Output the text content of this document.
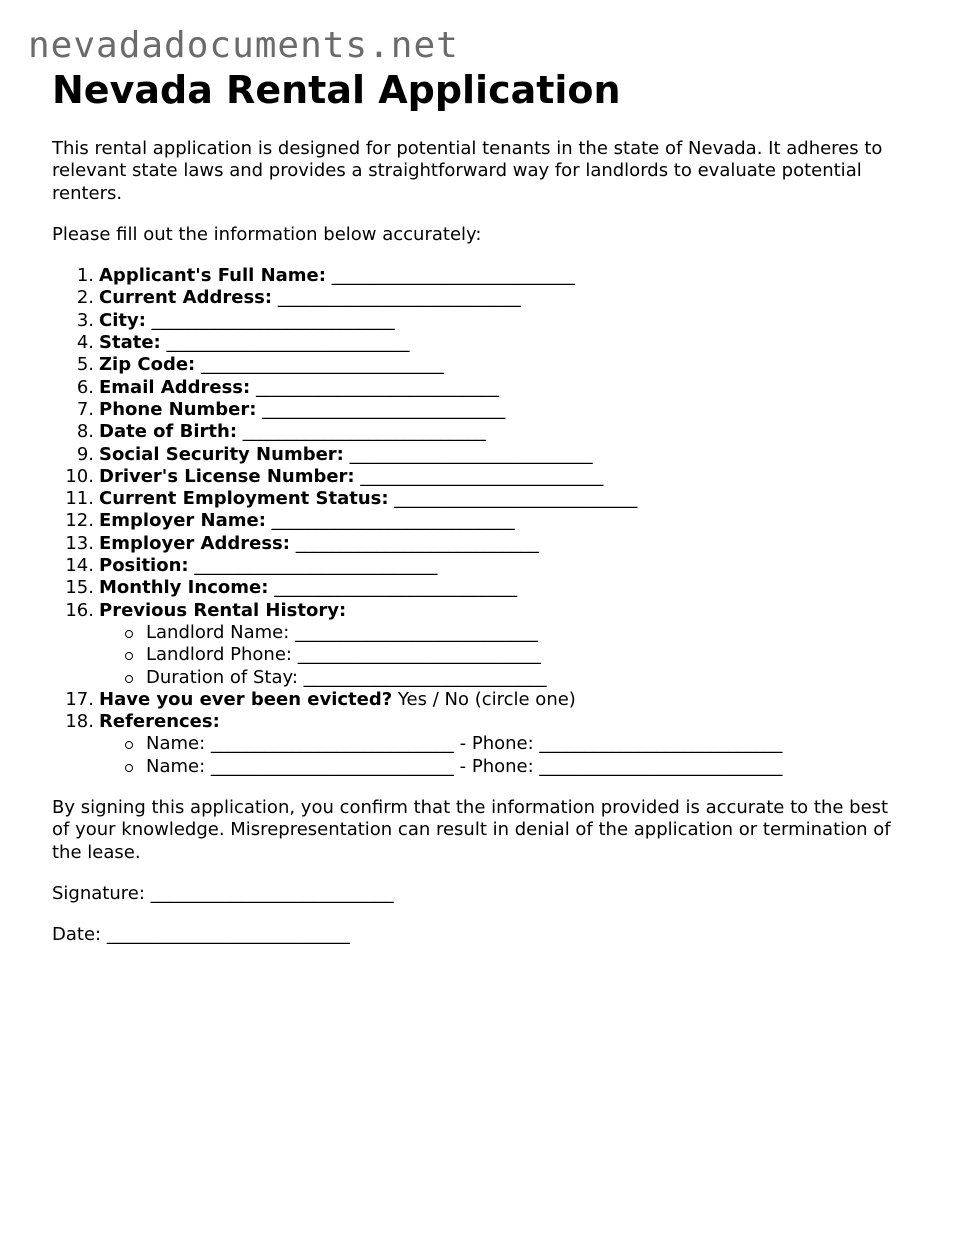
nevadadocuments.net
Nevada Rental Application

This rental application is designed for potential tenants in the state of Nevada. It adheres to relevant state laws and provides a straightforward way for landlords to evaluate potential renters.

Please fill out the information below accurately:

1. Applicant's Full Name: ___________________________
2. Current Address: ___________________________
3. City: ___________________________
4. State: ___________________________
5. Zip Code: ___________________________
6. Email Address: ___________________________
7. Phone Number: ___________________________
8. Date of Birth: ___________________________
9. Social Security Number: ___________________________
10. Driver's License Number: ___________________________
11. Current Employment Status: ___________________________
12. Employer Name: ___________________________
13. Employer Address: ___________________________
14. Position: ___________________________
15. Monthly Income: ___________________________
16. Previous Rental History:
Landlord Name: ___________________________
Landlord Phone: ___________________________
Duration of Stay: ___________________________
17. Have you ever been evicted? Yes / No (circle one)
18. References:
Name: ___________________________ - Phone: ___________________________
Name: ___________________________ - Phone: ___________________________

By signing this application, you confirm that the information provided is accurate to the best of your knowledge. Misrepresentation can result in denial of the application or termination of the lease.

Signature: ___________________________

Date: ___________________________
